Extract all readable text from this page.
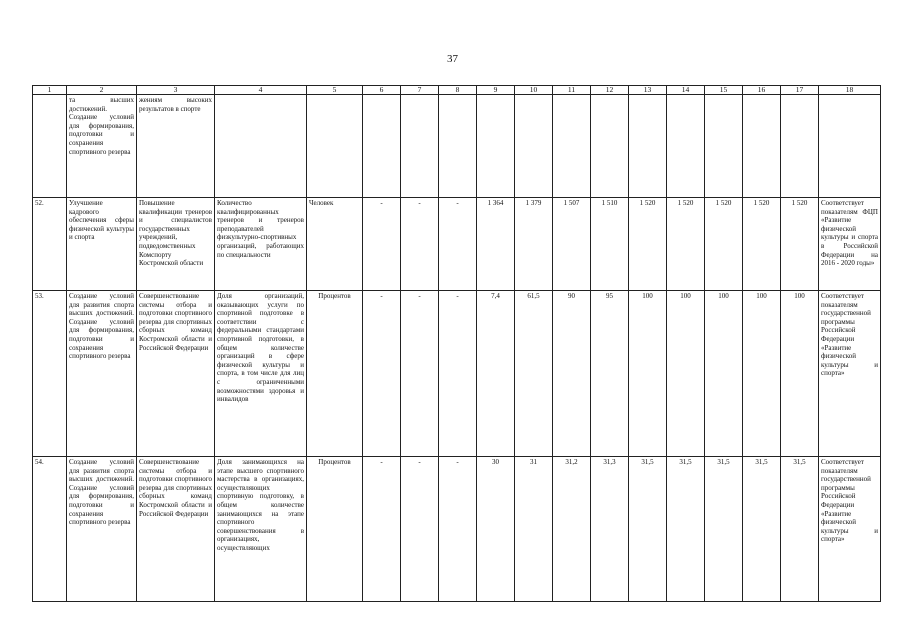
37
1	2	3	4	5	6	7	8	9	10	11	12	13	14	15	16	17	18
	та высших достижений. Создание условий для формирования, подготовки и сохранения спортивного резерва	жениям высоких результатов в спорте															
52.	Улучшение кадрового обеспечения сферы физической культуры и спорта	Повышение квалификации тренеров и специалистов государственных учреждений, подведомственных Комспорту Костромской области	Количество квалифицированных тренеров и тренеров преподавателей физкультурно-спортивных организаций, работающих по специальности	Человек	-	-	-	1 364	1 379	1 507	1 510	1 520	1 520	1 520	1 520	1 520	Соответствует показателям ФЦП «Развитие физической культуры и спорта в Российской Федерации на 2016 - 2020 годы»
53.	Создание условий для развития спорта высших достижений. Создание условий для формирования, подготовки и сохранения спортивного резерва	Совершенствование системы отбора и подготовки спортивного резерва для спортивных сборных команд Костромской области и Российской Федерации	Доля организаций, оказывающих услуги по спортивной подготовке в соответствии с федеральными стандартами спортивной подготовки, в общем количестве организаций в сфере физической культуры и спорта, в том числе для лиц с ограниченными возможностями здоровья и инвалидов	Процентов	-	-	-	7,4	61,5	90	95	100	100	100	100	100	Соответствует показателям государственной программы Российской Федерации «Развитие физической культуры и спорта»
54.	Создание условий для развития спорта высших достижений. Создание условий для формирования, подготовки и сохранения спортивного резерва	Совершенствование системы отбора и подготовки спортивного резерва для спортивных сборных команд Костромской области и Российской Федерации	Доля занимающихся на этапе высшего спортивного мастерства в организациях, осуществляющих спортивную подготовку, в общем количестве занимающихся на этапе спортивного совершенствования в организациях, осуществляющих	Процентов	-	-	-	30	31	31,2	31,3	31,5	31,5	31,5	31,5	31,5	Соответствует показателям государственной программы Российской Федерации «Развитие физической культуры и спорта»
